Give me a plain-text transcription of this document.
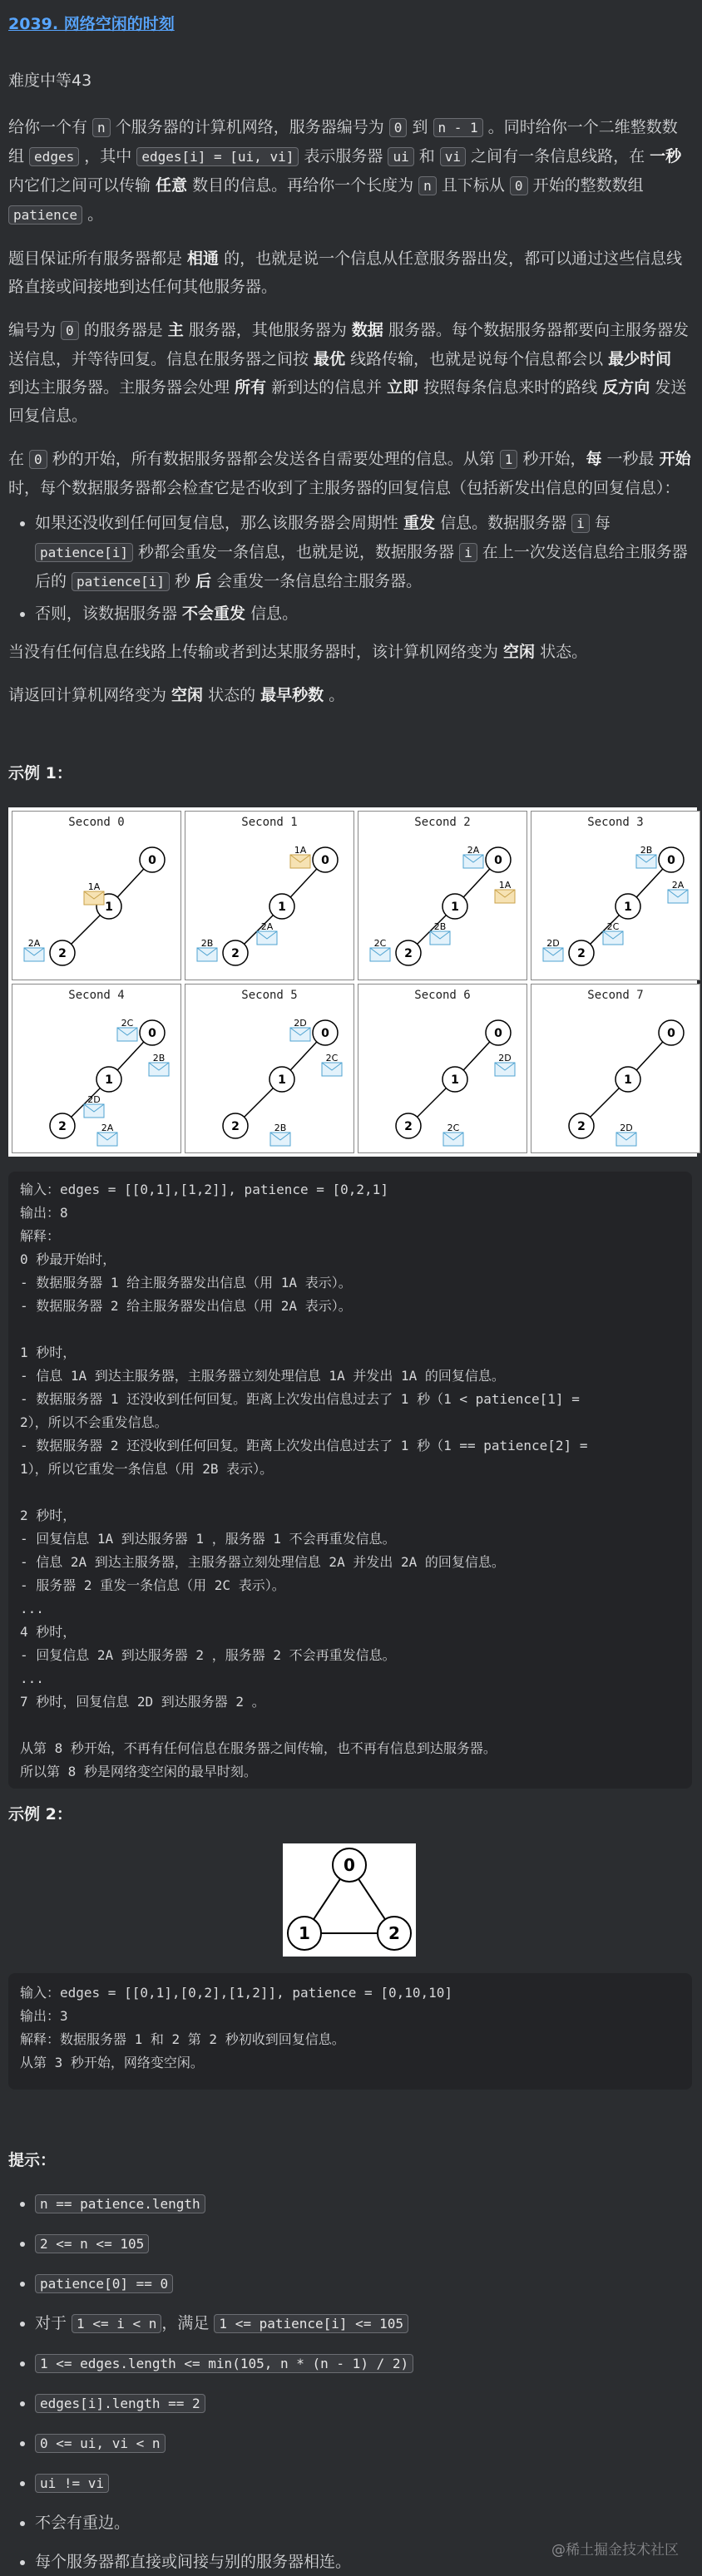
2039. 网络空闲的时刻
难度中等43

给你一个有 n 个服务器的计算机网络，服务器编号为 0 到 n - 1 。同时给你一个二维整数数组 edges ，其中 edges[i] = [ui, vi] 表示服务器 ui 和 vi 之间有一条信息线路，在 一秒 内它们之间可以传输 任意 数目的信息。再给你一个长度为 n 且下标从 0 开始的整数数组 patience 。

题目保证所有服务器都是 相通 的，也就是说一个信息从任意服务器出发，都可以通过这些信息线路直接或间接地到达任何其他服务器。

编号为 0 的服务器是 主 服务器，其他服务器为 数据 服务器。每个数据服务器都要向主服务器发送信息，并等待回复。信息在服务器之间按 最优 线路传输，也就是说每个信息都会以 最少时间 到达主服务器。主服务器会处理 所有 新到达的信息并 立即 按照每条信息来时的路线 反方向 发送回复信息。

在 0 秒的开始，所有数据服务器都会发送各自需要处理的信息。从第 1 秒开始，每 一秒最 开始 时，每个数据服务器都会检查它是否收到了主服务器的回复信息（包括新发出信息的回复信息）：

• 如果还没收到任何回复信息，那么该服务器会周期性 重发 信息。数据服务器 i 每 patience[i] 秒都会重发一条信息，也就是说，数据服务器 i 在上一次发送信息给主服务器后的 patience[i] 秒 后 会重发一条信息给主服务器。
• 否则，该数据服务器 不会重发 信息。

当没有任何信息在线路上传输或者到达某服务器时，该计算机网络变为 空闲 状态。

请返回计算机网络变为 空闲 状态的 最早秒数 。

示例 1：
Second 0
0
1
2
1A
2A
Second 1
0
1
2
1A
2A
2B
Second 2
0
1
2
2A
1A
2B
2C
Second 3
0
1
2
2B
2C
2A
2D
Second 4
0
1
2
2C
2D
2B
2A
Second 5
0
1
2
2D
2C
2B
Second 6
0
1
2
2D
2C
Second 7
0
1
2	2D
输入：edges = [[0,1],[1,2]], patience = [0,2,1]
输出：8
解释：
0 秒最开始时，
- 数据服务器 1 给主服务器发出信息（用 1A 表示）。
- 数据服务器 2 给主服务器发出信息（用 2A 表示）。

1 秒时，
- 信息 1A 到达主服务器，主服务器立刻处理信息 1A 并发出 1A 的回复信息。
- 数据服务器 1 还没收到任何回复。距离上次发出信息过去了 1 秒（1 < patience[1] =
2），所以不会重发信息。
- 数据服务器 2 还没收到任何回复。距离上次发出信息过去了 1 秒（1 == patience[2] =
1），所以它重发一条信息（用 2B 表示）。

2 秒时，
- 回复信息 1A 到达服务器 1 ，服务器 1 不会再重发信息。
- 信息 2A 到达主服务器，主服务器立刻处理信息 2A 并发出 2A 的回复信息。
- 服务器 2 重发一条信息（用 2C 表示）。
...
4 秒时，
- 回复信息 2A 到达服务器 2 ，服务器 2 不会再重发信息。
...
7 秒时，回复信息 2D 到达服务器 2 。

从第 8 秒开始，不再有任何信息在服务器之间传输，也不再有信息到达服务器。
所以第 8 秒是网络变空闲的最早时刻。
示例 2：
0
1	2
输入：edges = [[0,1],[0,2],[1,2]], patience = [0,10,10]
输出：3
解释：数据服务器 1 和 2 第 2 秒初收到回复信息。
从第 3 秒开始，网络变空闲。
提示：
• n == patience.length
• 2 <= n <= 105
• patience[0] == 0
• 对于 1 <= i < n ，满足 1 <= patience[i] <= 105
• 1 <= edges.length <= min(105, n * (n - 1) / 2)
• edges[i].length == 2
• 0 <= ui, vi < n
• ui != vi
• 不会有重边。
• 每个服务器都直接或间接与别的服务器相连。
@稀土掘金技术社区
